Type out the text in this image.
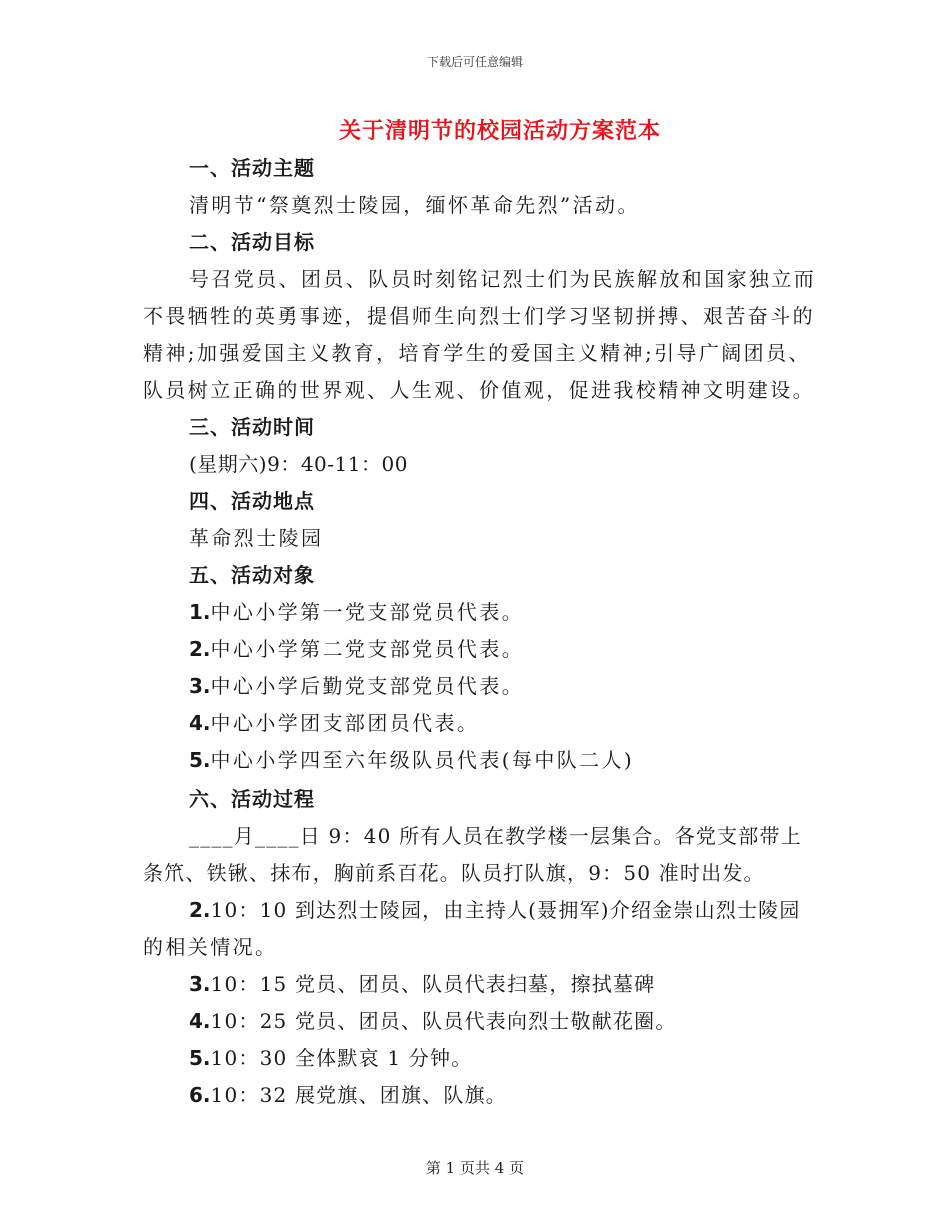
下载后可任意编辑
关于清明节的校园活动方案范本
一、活动主题
清明节“祭奠烈士陵园，缅怀革命先烈”活动。
二、活动目标
号召党员、团员、队员时刻铭记烈士们为民族解放和国家独立而
不畏牺牲的英勇事迹，提倡师生向烈士们学习坚韧拼搏、艰苦奋斗的
精神;加强爱国主义教育，培育学生的爱国主义精神;引导广阔团员、
队员树立正确的世界观、人生观、价值观，促进我校精神文明建设。
三、活动时间
(星期六)9：40-11：00
四、活动地点
革命烈士陵园
五、活动对象
1.中心小学第一党支部党员代表。
2.中心小学第二党支部党员代表。
3.中心小学后勤党支部党员代表。
4.中心小学团支部团员代表。
5.中心小学四至六年级队员代表(每中队二人)
六、活动过程
____月____日 9：40 所有人员在教学楼一层集合。各党支部带上
条笊、铁锹、抹布，胸前系百花。队员打队旗，9：50 准时出发。
2.10：10 到达烈士陵园，由主持人(聂拥军)介绍金崇山烈士陵园
的相关情况。
3.10：15 党员、团员、队员代表扫墓，擦拭墓碑
4.10：25 党员、团员、队员代表向烈士敬献花圈。
5.10：30 全体默哀 1 分钟。
6.10：32 展党旗、团旗、队旗。
第 1 页共 4 页
